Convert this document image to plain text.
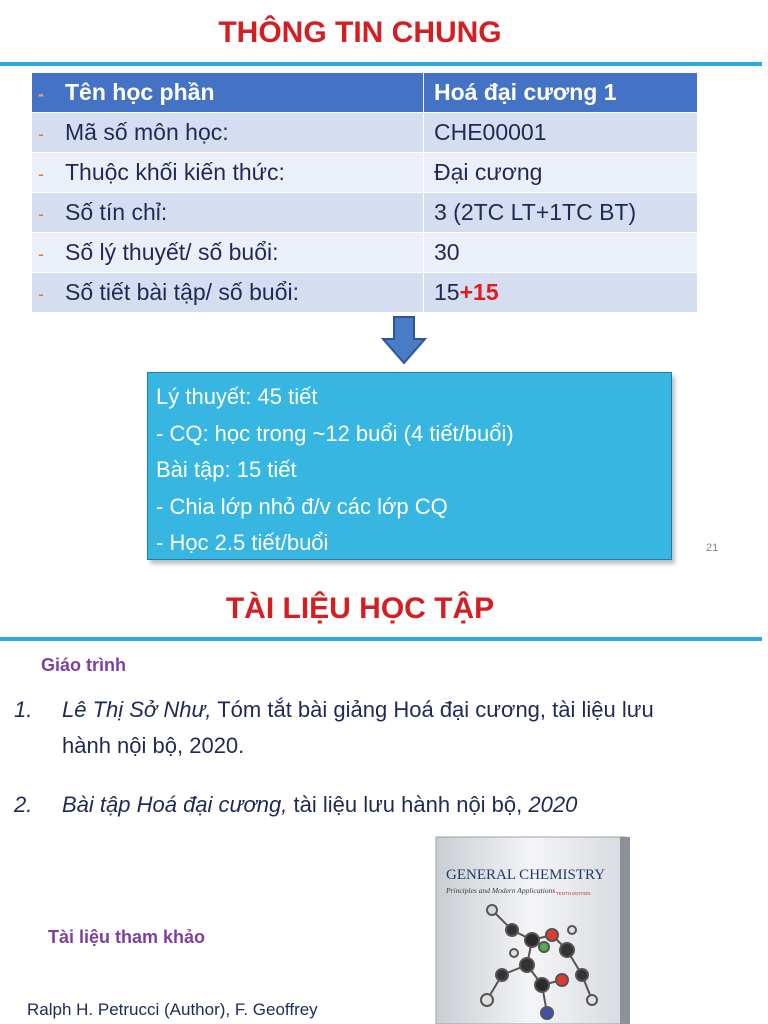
THÔNG TIN CHUNG
- Tên học phần	Hoá đại cương 1
- Mã số môn học:	CHE00001
- Thuộc khối kiến thức:	Đại cương
- Số tín chỉ:	3 (2TC LT+1TC BT)
- Số lý thuyết/ số buổi:	30
- Số tiết bài tập/ số buổi:	15+15
Lý thuyết: 45 tiết
- CQ: học trong ~12 buổi (4 tiết/buổi)
Bài tập: 15 tiết
- Chia lớp nhỏ đ/v các lớp CQ
- Học 2.5 tiết/buổi	21
TÀI LIỆU HỌC TẬP
Giáo trình
1. Lê Thị Sở Như, Tóm tắt bài giảng Hoá đại cương, tài liệu lưu
hành nội bộ, 2020.
2. Bài tập Hoá đại cương, tài liệu lưu hành nội bộ, 2020
Tài liệu tham khảo
Ralph H. Petrucci (Author), F. Geoffrey
GENERAL CHEMISTRY
Principles and Modern Applications TENTH EDITION
